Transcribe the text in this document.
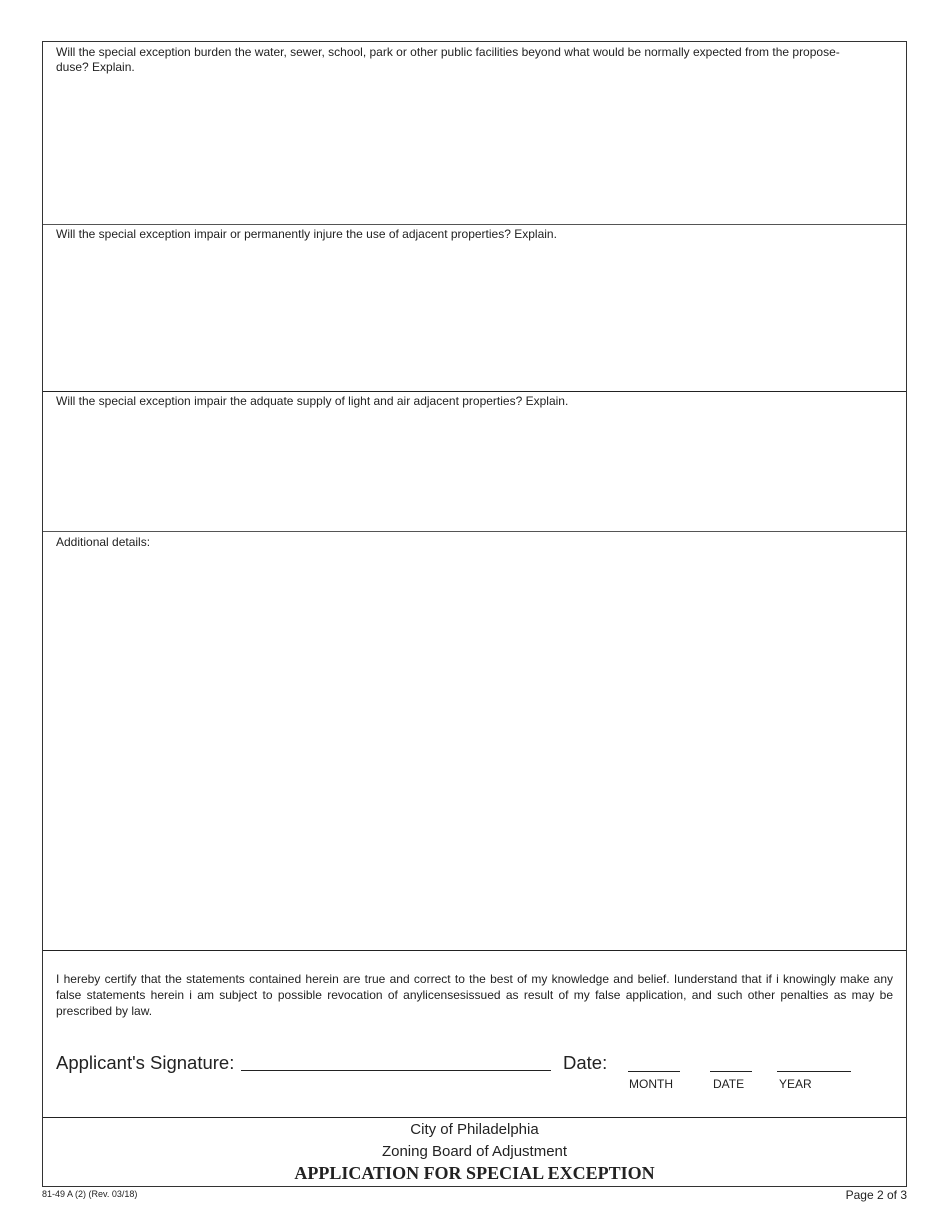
Will the special exception burden the water, sewer, school, park or other public facilities beyond what would be normally expected from the propose-duse? Explain.
Will the special exception impair or permanently injure the use of adjacent properties? Explain.
Will the special exception impair the adquate supply of light and air adjacent properties? Explain.
Additional details:
I hereby certify that the statements contained herein are true and correct to the best of my knowledge and belief. Iunderstand that if i knowingly make any false statements herein i am subject to possible revocation of anylicensesissued as result of my false application, and such other penalties as may be prescribed by law.
Applicant's Signature:	Date:
MONTH	DATE	YEAR
City of Philadelphia
Zoning Board of Adjustment
APPLICATION FOR SPECIAL EXCEPTION
81-49 A (2) (Rev. 03/18)	Page 2 of 3
